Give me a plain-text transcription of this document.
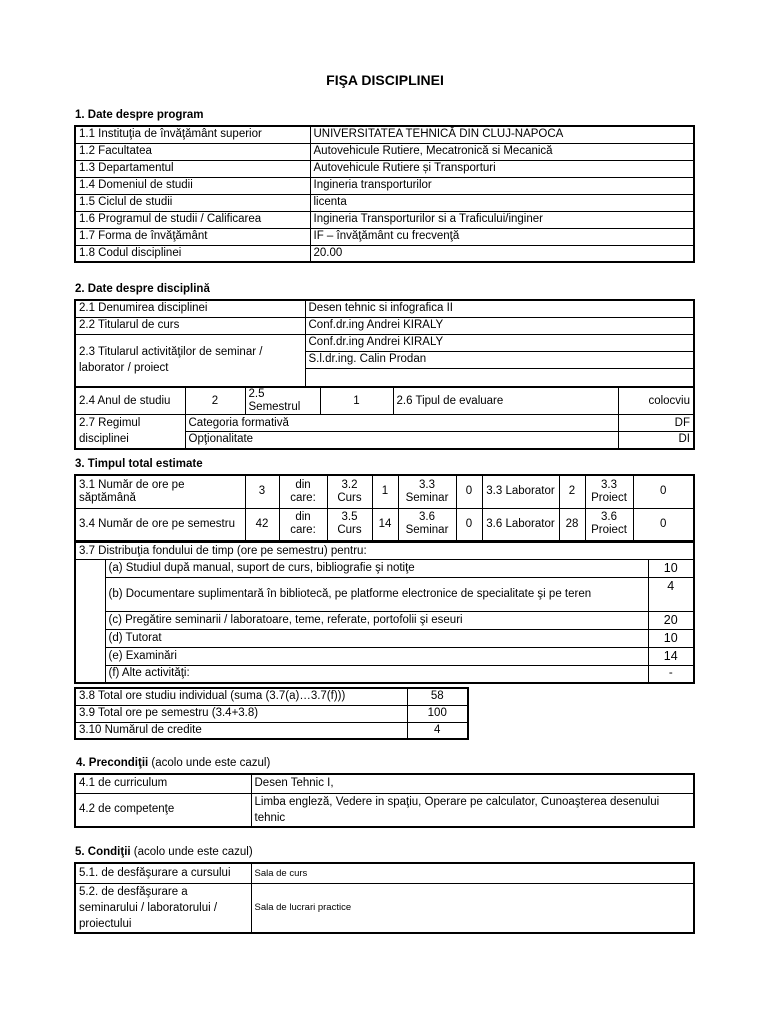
FIŞA DISCIPLINEI
1. Date despre program
1.1 Instituţia de învăţământ superior	UNIVERSITATEA TEHNICĂ DIN CLUJ-NAPOCA
1.2 Facultatea	Autovehicule Rutiere, Mecatronică si Mecanică
1.3 Departamentul	Autovehicule Rutiere și Transporturi
1.4 Domeniul de studii	Ingineria transporturilor
1.5 Ciclul de studii	licenta
1.6 Programul de studii / Calificarea	Ingineria Transporturilor si a Traficului/inginer
1.7 Forma de învăţământ	IF – învăţământ cu frecvenţă
1.8 Codul disciplinei	20.00
2. Date despre disciplină
2.1 Denumirea disciplinei	Desen tehnic si infografica II
2.2 Titularul de curs	Conf.dr.ing Andrei KIRALY
2.3 Titularul activităţilor de seminar / laborator / proiect	Conf.dr.ing Andrei KIRALY
	S.l.dr.ing. Calin Prodan

2.4 Anul de studiu	2	2.5 Semestrul	1	2.6 Tipul de evaluare	colocviu
2.7 Regimul disciplinei	Categoria formativă				DF
	Opţionalitate				DI
3. Timpul total estimate
3.1 Număr de ore pe săptămână	3	din care:	3.2 Curs	1	3.3 Seminar	0	3.3 Laborator	2	3.3 Proiect	0
3.4 Număr de ore pe semestru	42	din care:	3.5 Curs	14	3.6 Seminar	0	3.6 Laborator	28	3.6 Proiect	0
3.7 Distribuţia fondului de timp (ore pe semestru) pentru:		
	(a) Studiul după manual, suport de curs, bibliografie şi notiţe	10
	(b) Documentare suplimentară în bibliotecă, pe platforme electronice de specialitate şi pe teren	4
	(c) Pregătire seminarii / laboratoare, teme, referate, portofolii şi eseuri	20
	(d) Tutorat	10
	(e) Examinări	14
	(f) Alte activităţi:	-
3.8 Total ore studiu individual (suma (3.7(a)…3.7(f)))	58
3.9 Total ore pe semestru (3.4+3.8)	100
3.10 Numărul de credite	4
4. Precondiţii (acolo unde este cazul)
4.1 de curriculum	Desen Tehnic I,
4.2 de competenţe	Limba engleză, Vedere in spaţiu, Operare pe calculator, Cunoaşterea desenului tehnic
5. Condiţii (acolo unde este cazul)
5.1. de desfăşurare a cursului	Sala de curs
5.2. de desfăşurare a seminarului / laboratorului / proiectului	Sala de lucrari practice
